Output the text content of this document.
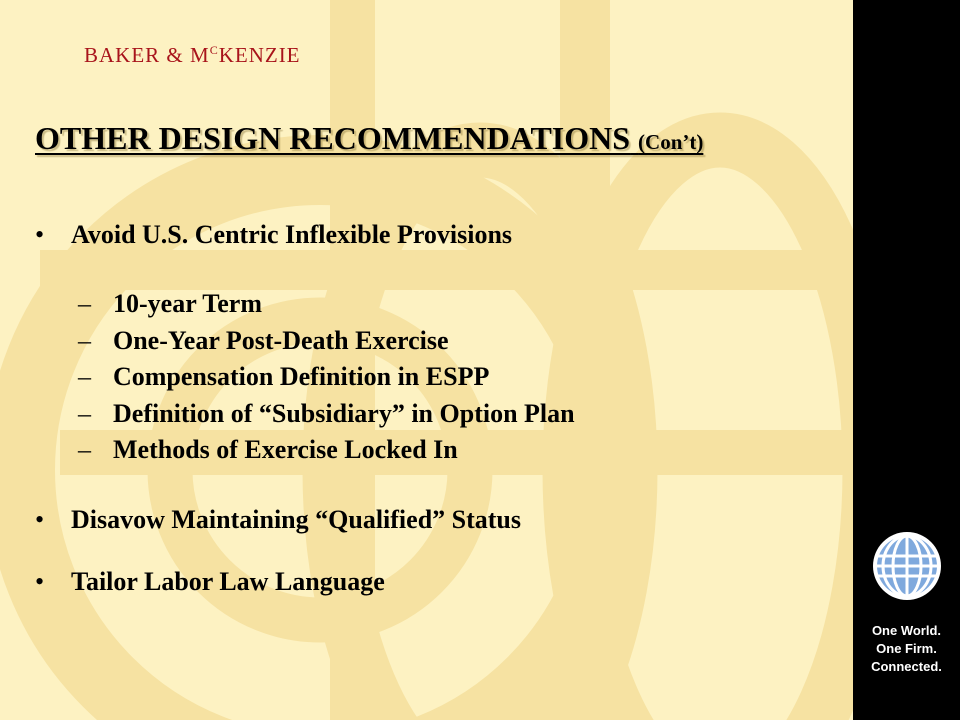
BAKER & $M^CKENZIE$
OTHER DESIGN RECOMMENDATIONS (Con’t)
• Avoid U.S. Centric Inflexible Provisions
– 10-year Term
– One-Year Post-Death Exercise
– Compensation Definition in ESPP
– Definition of “Subsidiary” in Option Plan
– Methods of Exercise Locked In
• Disavow Maintaining “Qualified” Status
• Tailor Labor Law Language
One World.
One Firm.
Connected.
